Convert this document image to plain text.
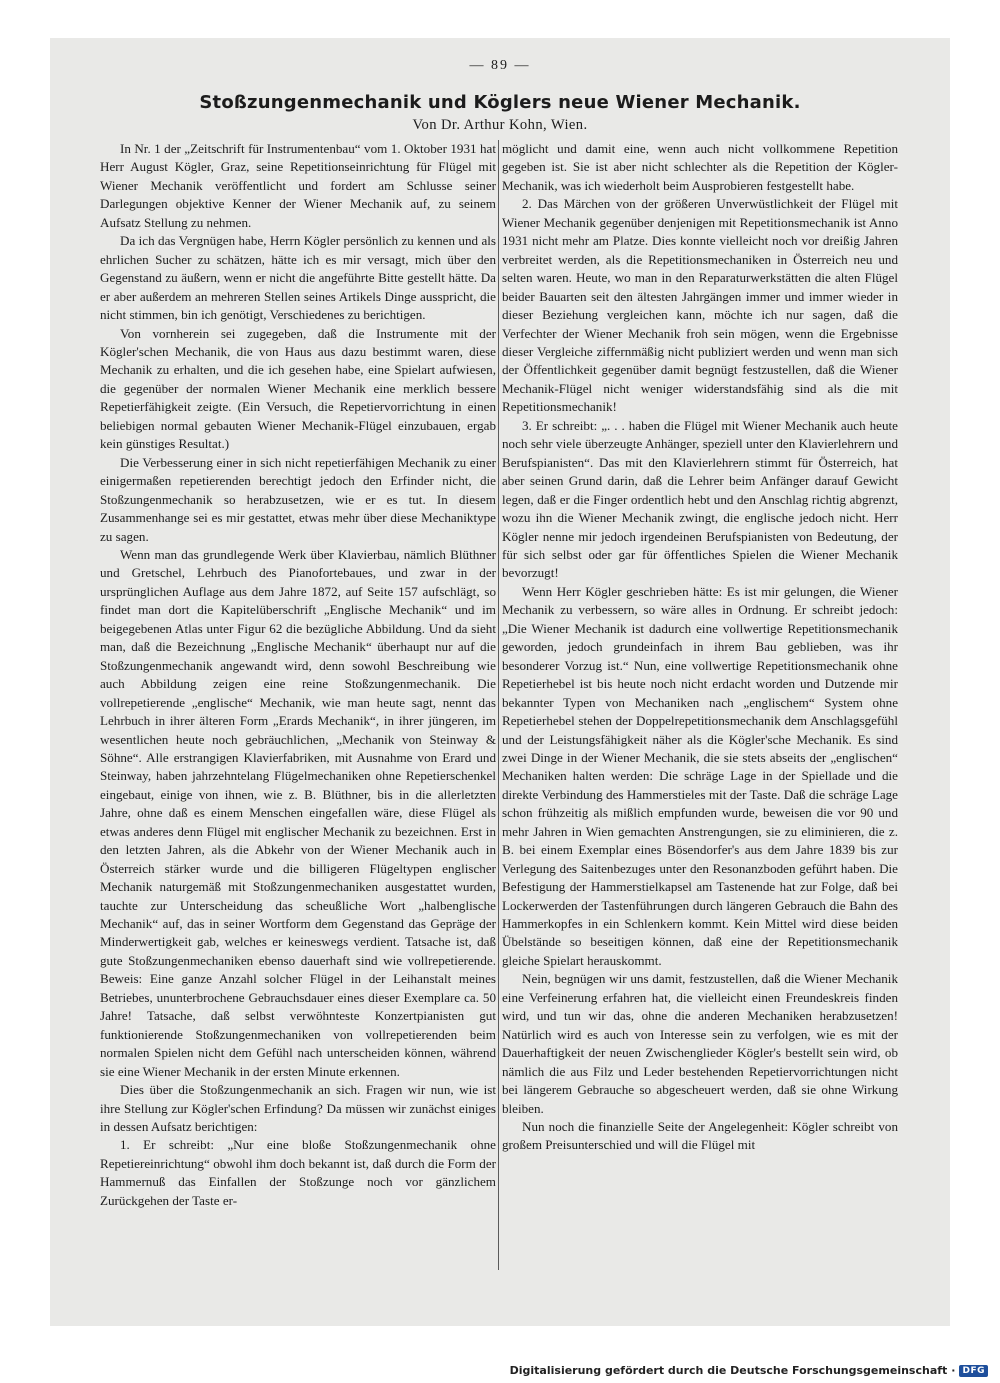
— 89 —
Stoßzungenmechanik und Köglers neue Wiener Mechanik.
Von Dr. Arthur Kohn, Wien.

In Nr. 1 der „Zeitschrift für Instrumentenbau“ vom 1. Oktober 1931 hat Herr August Kögler, Graz, seine Repetitionseinrichtung für Flügel mit Wiener Mechanik veröffentlicht und fordert am Schlusse seiner Darlegungen objektive Kenner der Wiener Mechanik auf, zu seinem Aufsatz Stellung zu nehmen.

Da ich das Vergnügen habe, Herrn Kögler persönlich zu kennen und als ehrlichen Sucher zu schätzen, hätte ich es mir versagt, mich über den Gegenstand zu äußern, wenn er nicht die angeführte Bitte gestellt hätte. Da er aber außerdem an mehreren Stellen seines Artikels Dinge ausspricht, die nicht stimmen, bin ich genötigt, Verschiedenes zu berichtigen.

Von vornherein sei zugegeben, daß die Instrumente mit der Kögler'schen Mechanik, die von Haus aus dazu bestimmt waren, diese Mechanik zu erhalten, und die ich gesehen habe, eine Spielart aufwiesen, die gegenüber der normalen Wiener Mechanik eine merklich bessere Repetierfähigkeit zeigte. (Ein Versuch, die Repetiervorrichtung in einen beliebigen normal gebauten Wiener Mechanik-Flügel einzubauen, ergab kein günstiges Resultat.)

Die Verbesserung einer in sich nicht repetierfähigen Mechanik zu einer einigermaßen repetierenden berechtigt jedoch den Erfinder nicht, die Stoßzungenmechanik so herabzusetzen, wie er es tut. In diesem Zusammenhange sei es mir gestattet, etwas mehr über diese Mechaniktype zu sagen.

Wenn man das grundlegende Werk über Klavierbau, nämlich Blüthner und Gretschel, Lehrbuch des Pianofortebaues, und zwar in der ursprünglichen Auflage aus dem Jahre 1872, auf Seite 157 aufschlägt, so findet man dort die Kapitelüberschrift „Englische Mechanik“ und im beigegebenen Atlas unter Figur 62 die bezügliche Abbildung. Und da sieht man, daß die Bezeichnung „Englische Mechanik“ überhaupt nur auf die Stoßzungenmechanik angewandt wird, denn sowohl Beschreibung wie auch Abbildung zeigen eine reine Stoßzungenmechanik. Die vollrepetierende „englische“ Mechanik, wie man heute sagt, nennt das Lehrbuch in ihrer älteren Form „Erards Mechanik“, in ihrer jüngeren, im wesentlichen heute noch gebräuchlichen, „Mechanik von Steinway & Söhne“. Alle erstrangigen Klavierfabriken, mit Ausnahme von Erard und Steinway, haben jahrzehntelang Flügelmechaniken ohne Repetierschenkel eingebaut, einige von ihnen, wie z. B. Blüthner, bis in die allerletzten Jahre, ohne daß es einem Menschen eingefallen wäre, diese Flügel als etwas anderes denn Flügel mit englischer Mechanik zu bezeichnen. Erst in den letzten Jahren, als die Abkehr von der Wiener Mechanik auch in Österreich stärker wurde und die billigeren Flügeltypen englischer Mechanik naturgemäß mit Stoßzungenmechaniken ausgestattet wurden, tauchte zur Unterscheidung das scheußliche Wort „halbenglische Mechanik“ auf, das in seiner Wortform dem Gegenstand das Gepräge der Minderwertigkeit gab, welches er keineswegs verdient. Tatsache ist, daß gute Stoßzungenmechaniken ebenso dauerhaft sind wie vollrepetierende. Beweis: Eine ganze Anzahl solcher Flügel in der Leihanstalt meines Betriebes, ununterbrochene Gebrauchsdauer eines dieser Exemplare ca. 50 Jahre! Tatsache, daß selbst verwöhnteste Konzertpianisten gut funktionierende Stoßzungenmechaniken von vollrepetierenden beim normalen Spielen nicht dem Gefühl nach unterscheiden können, während sie eine Wiener Mechanik in der ersten Minute erkennen.

Dies über die Stoßzungenmechanik an sich. Fragen wir nun, wie ist ihre Stellung zur Kögler'schen Erfindung? Da müssen wir zunächst einiges in dessen Aufsatz berichtigen:

1. Er schreibt: „Nur eine bloße Stoßzungenmechanik ohne Repetiereinrichtung“ obwohl ihm doch bekannt ist, daß durch die Form der Hammernuß das Einfallen der Stoßzunge noch vor gänzlichem Zurückgehen der Taste er-

möglicht und damit eine, wenn auch nicht vollkommene Repetition gegeben ist. Sie ist aber nicht schlechter als die Repetition der Kögler-Mechanik, was ich wiederholt beim Ausprobieren festgestellt habe.

2. Das Märchen von der größeren Unverwüstlichkeit der Flügel mit Wiener Mechanik gegenüber denjenigen mit Repetitionsmechanik ist Anno 1931 nicht mehr am Platze. Dies konnte vielleicht noch vor dreißig Jahren verbreitet werden, als die Repetitionsmechaniken in Österreich neu und selten waren. Heute, wo man in den Reparaturwerkstätten die alten Flügel beider Bauarten seit den ältesten Jahrgängen immer und immer wieder in dieser Beziehung vergleichen kann, möchte ich nur sagen, daß die Verfechter der Wiener Mechanik froh sein mögen, wenn die Ergebnisse dieser Vergleiche ziffernmäßig nicht publiziert werden und wenn man sich der Öffentlichkeit gegenüber damit begnügt festzustellen, daß die Wiener Mechanik-Flügel nicht weniger widerstandsfähig sind als die mit Repetitionsmechanik!

3. Er schreibt: „. . . haben die Flügel mit Wiener Mechanik auch heute noch sehr viele überzeugte Anhänger, speziell unter den Klavierlehrern und Berufspianisten“. Das mit den Klavierlehrern stimmt für Österreich, hat aber seinen Grund darin, daß die Lehrer beim Anfänger darauf Gewicht legen, daß er die Finger ordentlich hebt und den Anschlag richtig abgrenzt, wozu ihn die Wiener Mechanik zwingt, die englische jedoch nicht. Herr Kögler nenne mir jedoch irgendeinen Berufspianisten von Bedeutung, der für sich selbst oder gar für öffentliches Spielen die Wiener Mechanik bevorzugt!

Wenn Herr Kögler geschrieben hätte: Es ist mir gelungen, die Wiener Mechanik zu verbessern, so wäre alles in Ordnung. Er schreibt jedoch: „Die Wiener Mechanik ist dadurch eine vollwertige Repetitionsmechanik geworden, jedoch grundeinfach in ihrem Bau geblieben, was ihr besonderer Vorzug ist.“ Nun, eine vollwertige Repetitionsmechanik ohne Repetierhebel ist bis heute noch nicht erdacht worden und Dutzende mir bekannter Typen von Mechaniken nach „englischem“ System ohne Repetierhebel stehen der Doppelrepetitionsmechanik dem Anschlagsgefühl und der Leistungsfähigkeit näher als die Kögler'sche Mechanik. Es sind zwei Dinge in der Wiener Mechanik, die sie stets abseits der „englischen“ Mechaniken halten werden: Die schräge Lage in der Spiellade und die direkte Verbindung des Hammerstieles mit der Taste. Daß die schräge Lage schon frühzeitig als mißlich empfunden wurde, beweisen die vor 90 und mehr Jahren in Wien gemachten Anstrengungen, sie zu eliminieren, die z. B. bei einem Exemplar eines Bösendorfer's aus dem Jahre 1839 bis zur Verlegung des Saitenbezuges unter den Resonanzboden geführt haben. Die Befestigung der Hammerstielkapsel am Tastenende hat zur Folge, daß bei Lockerwerden der Tastenführungen durch längeren Gebrauch die Bahn des Hammerkopfes in ein Schlenkern kommt. Kein Mittel wird diese beiden Übelstände so beseitigen können, daß eine der Repetitionsmechanik gleiche Spielart herauskommt.

Nein, begnügen wir uns damit, festzustellen, daß die Wiener Mechanik eine Verfeinerung erfahren hat, die vielleicht einen Freundeskreis finden wird, und tun wir das, ohne die anderen Mechaniken herabzusetzen! Natürlich wird es auch von Interesse sein zu verfolgen, wie es mit der Dauerhaftigkeit der neuen Zwischenglieder Kögler's bestellt sein wird, ob nämlich die aus Filz und Leder bestehenden Repetiervorrichtungen nicht bei längerem Gebrauche so abgescheuert werden, daß sie ohne Wirkung bleiben.

Nun noch die finanzielle Seite der Angelegenheit: Kögler schreibt von großem Preisunterschied und will die Flügel mit

Digitalisierung gefördert durch die Deutsche Forschungsgemeinschaft · DFG
